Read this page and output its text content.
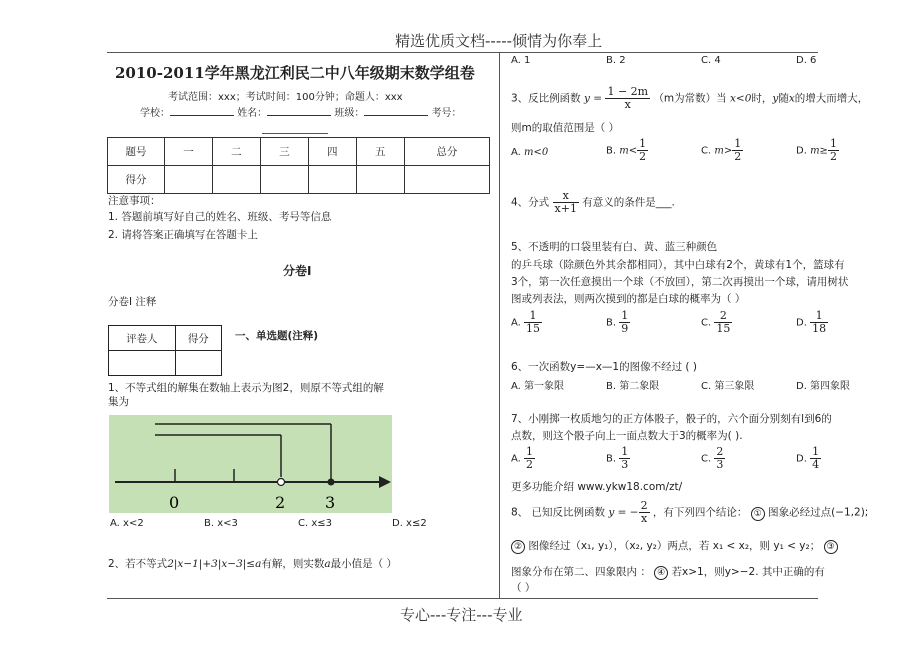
精选优质文档-----倾情为你奉上
专心---专注---专业
2010-2011学年黑龙江利民二中八年级期末数学组卷
考试范围：xxx；考试时间：100分钟；命题人：xxx
学校：	姓名：	班级：	考号：
题号	一	二	三	四	五	总分
得分						
注意事项：
1. 答题前填写好自己的姓名、班级、考号等信息
2. 请将答案正确填写在答题卡上
分卷I
分卷I 注释
评卷人	得分
	一、单选题(注释)
1、不等式组的解集在数轴上表示为图2，则原不等式组的解集为
0	2 3
A. x<2	B. x<3	C. x≤3	D. x≤2
2、若不等式2|x−1|+3|x−3|≤a有解，则实数a最小值是（ ）
A. 1	B. 2	C. 4	D. 6
3、反比例函数 $y = \frac{1 - 2m}{x} (m$为常数）当 x<0时，y随x的增大而增大，
则m的取值范围是（ ）
A. m<0	B. $m< \frac{1}{2}$	C. $m> \frac{1}{2}$	D. $m\ge \frac{1}{2}$
4、分式 $\frac{x}{x+1}$ 有意义的条件是___.
5、不透明的口袋里装有白、黄、蓝三种颜色
的乒乓球（除颜色外其余都相同），其中白球有2个，黄球有1个，篮球有
3个，第一次任意摸出一个球（不放回），第二次再摸出一个球，请用树状
图或列表法，则两次摸到的都是白球的概率为（ ）
A. $\frac{1}{15}$	B. $\frac{1}{9}$	C. $\frac{2}{15}$	D. $\frac{1}{18}$
6、一次函数y=—x—1的图像不经过 ( )
A. 第一象限	B. 第二象限	C. 第三象限	D. 第四象限
7、小刚掷一枚质地匀的正方体骰子，骰子的，六个面分别刻有l到6的
点数，则这个骰子向上一面点数大于3的概率为( ).
A. $\frac{1}{2}$	B. $\frac{1}{3}$	C. $\frac{2}{3}$	D. $\frac{1}{4}$
更多功能介绍 www.ykw18.com/zt/
8、 已知反比例函数 y = − $\frac{2}{x}$ ，有下列四个结论： ① 图象必经过点(−1,2);
② 图像经过（x₁, y₁），（x₂, y₂）两点，若 x₁ < x₂，则 y₁ < y₂； ③
图象分布在第二、四象限内 ： ④ 若x>1，则y>−2. 其中正确的有
（ ）
